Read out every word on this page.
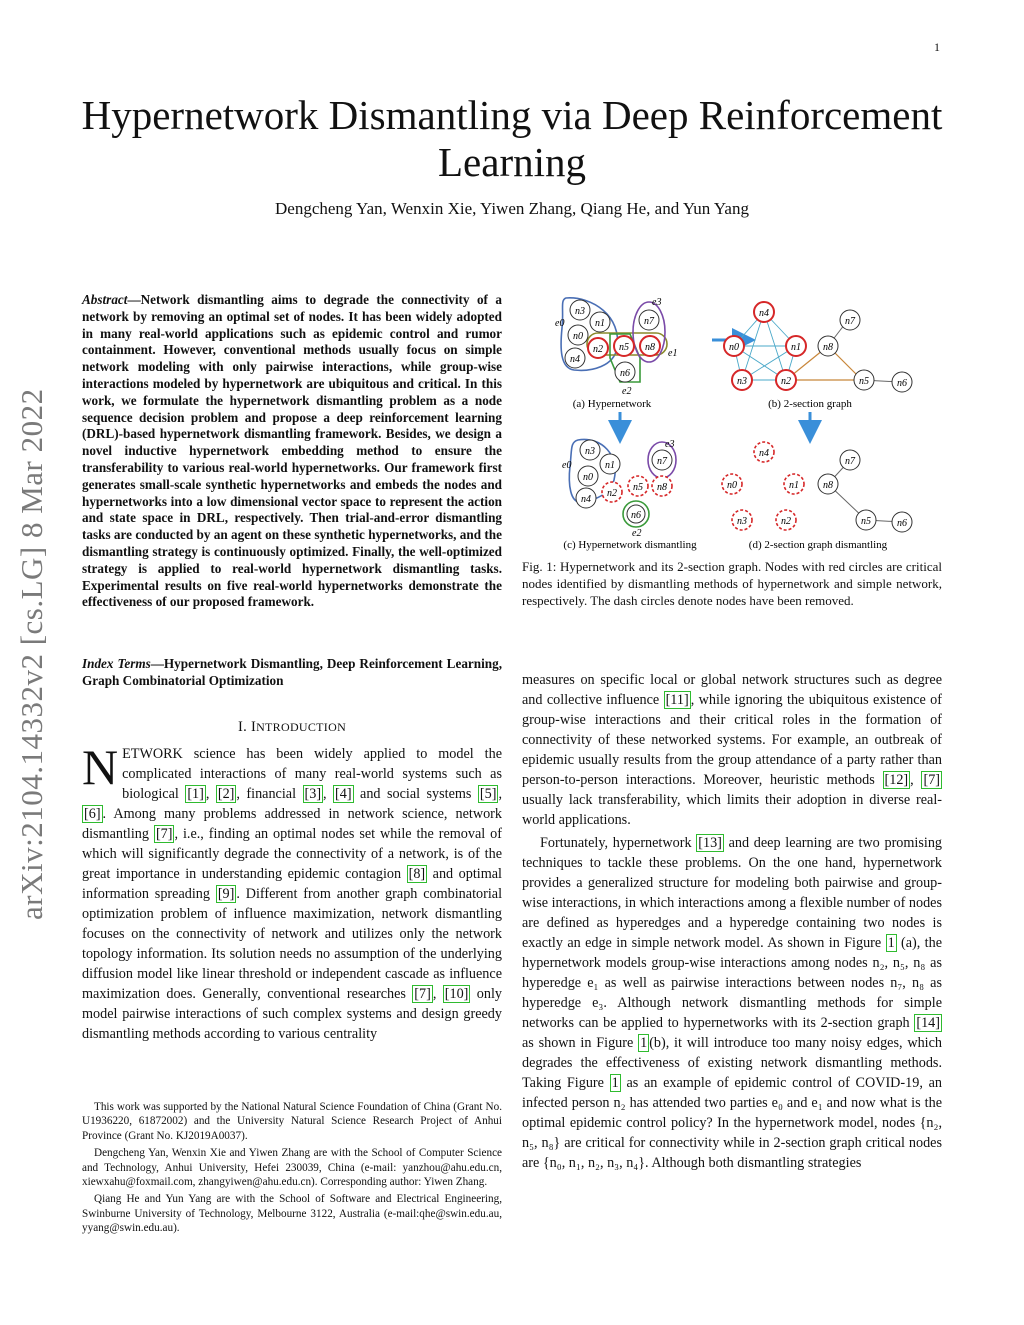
1
Hypernetwork Dismantling via Deep Reinforcement Learning
Dengcheng Yan, Wenxin Xie, Yiwen Zhang, Qiang He, and Yun Yang
arXiv:2104.14332v2 [cs.LG] 8 Mar 2022
Abstract—Network dismantling aims to degrade the connectivity of a network by removing an optimal set of nodes. It has been widely adopted in many real-world applications such as epidemic control and rumor containment. However, conventional methods usually focus on simple network modeling with only pairwise interactions, while group-wise interactions modeled by hypernetwork are ubiquitous and critical. In this work, we formulate the hypernetwork dismantling problem as a node sequence decision problem and propose a deep reinforcement learning (DRL)-based hypernetwork dismantling framework. Besides, we design a novel inductive hypernetwork embedding method to ensure the transferability to various real-world hypernetworks. Our framework first generates small-scale synthetic hypernetworks and embeds the nodes and hypernetworks into a low dimensional vector space to represent the action and state space in DRL, respectively. Then trial-and-error dismantling tasks are conducted by an agent on these synthetic hypernetworks, and the dismantling strategy is continuously optimized. Finally, the well-optimized strategy is applied to real-world hypernetwork dismantling tasks. Experimental results on five real-world hypernetworks demonstrate the effectiveness of our proposed framework.
Index Terms—Hypernetwork Dismantling, Deep Reinforcement Learning, Graph Combinatorial Optimization
I. INTRODUCTION
NETWORK science has been widely applied to model the complicated interactions of many real-world systems such as biological [1] , [2] , financial [3] , [4] and social systems [5] , [6] . Among many problems addressed in network science, network dismantling [7] , i.e., finding an optimal nodes set while the removal of which will significantly degrade the connectivity of a network, is of the great importance in understanding epidemic contagion [8] and optimal information spreading [9] . Different from another graph combinatorial optimization problem of influence maximization, network dismantling focuses on the connectivity of network and utilizes only the network topology information. Its solution needs no assumption of the underlying diffusion model like linear threshold or independent cascade as influence maximization does. Generally, conventional researches [7] , [10] only model pairwise interactions of such complex systems and design greedy dismantling methods according to various centrality

This work was supported by the National Natural Science Foundation of China (Grant No. U1936220, 61872002) and the University Natural Science Research Project of Anhui Province (Grant No. KJ2019A0037).

Dengcheng Yan, Wenxin Xie and Yiwen Zhang are with the School of Computer Science and Technology, Anhui University, Hefei 230039, China (e-mail: yanzhou@ahu.edu.cn, xiewxahu@foxmail.com, zhangyiwen@ahu.edu.cn). Corresponding author: Yiwen Zhang.

Qiang He and Yun Yang are with the School of Software and Electrical Engineering, Swinburne University of Technology, Melbourne 3122, Australia (e-mail:qhe@swin.edu.au, yyang@swin.edu.au).

n3
n1
n0
n4
n2 n5 n8
n7
n6
e0
e1
e2
e3
(a) Hypernetwork
n4
n0	n1
n3	n2
n8
n7
n5	n6
(b) 2-section graph
n3
n1
n0
n4
n2
n5 n8
n7
n6
e0
e3
e2
(c) Hypernetwork dismantling
n4
n0	n1
n3	n2
n8
n7
n5	n6
(d) 2-section graph dismantling
Fig. 1: Hypernetwork and its 2-section graph. Nodes with red circles are critical nodes identified by dismantling methods of hypernetwork and simple network, respectively. The dash circles denote nodes have been removed.

measures on specific local or global network structures such as degree and collective influence [11] , while ignoring the ubiquitous existence of group-wise interactions and their critical roles in the formation of connectivity of these networked systems. For example, an outbreak of epidemic usually results from the group attendance of a party rather than person-to-person interactions. Moreover, heuristic methods [12] , [7] usually lack transferability, which limits their adoption in diverse real-world applications.

Fortunately, hypernetwork [13] and deep learning are two promising techniques to tackle these problems. On the one hand, hypernetwork provides a generalized structure for modeling both pairwise and group-wise interactions, in which interactions among a flexible number of nodes are defined as hyperedges and a hyperedge containing two nodes is exactly an edge in simple network model. As shown in Figure 1 (a), the hypernetwork models group-wise interactions among nodes n₂, n₅, n₈ as hyperedge e₁ as well as pairwise interactions between nodes n₇, n₈ as hyperedge e₃. Although network dismantling methods for simple networks can be applied to hypernetworks with its 2-section graph [14] as shown in Figure 1 (b), it will introduce too many noisy edges, which degrades the effectiveness of existing network dismantling methods. Taking Figure 1 as an example of epidemic control of COVID-19, an infected person n₂ has attended two parties e₀ and e₁ and now what is the optimal epidemic control policy? In the hypernetwork model, nodes {n₂, n₅, n₈} are critical for connectivity while in 2-section graph critical nodes are {n₀, n₁, n₂, n₃, n₄}. Although both dismantling strategies
